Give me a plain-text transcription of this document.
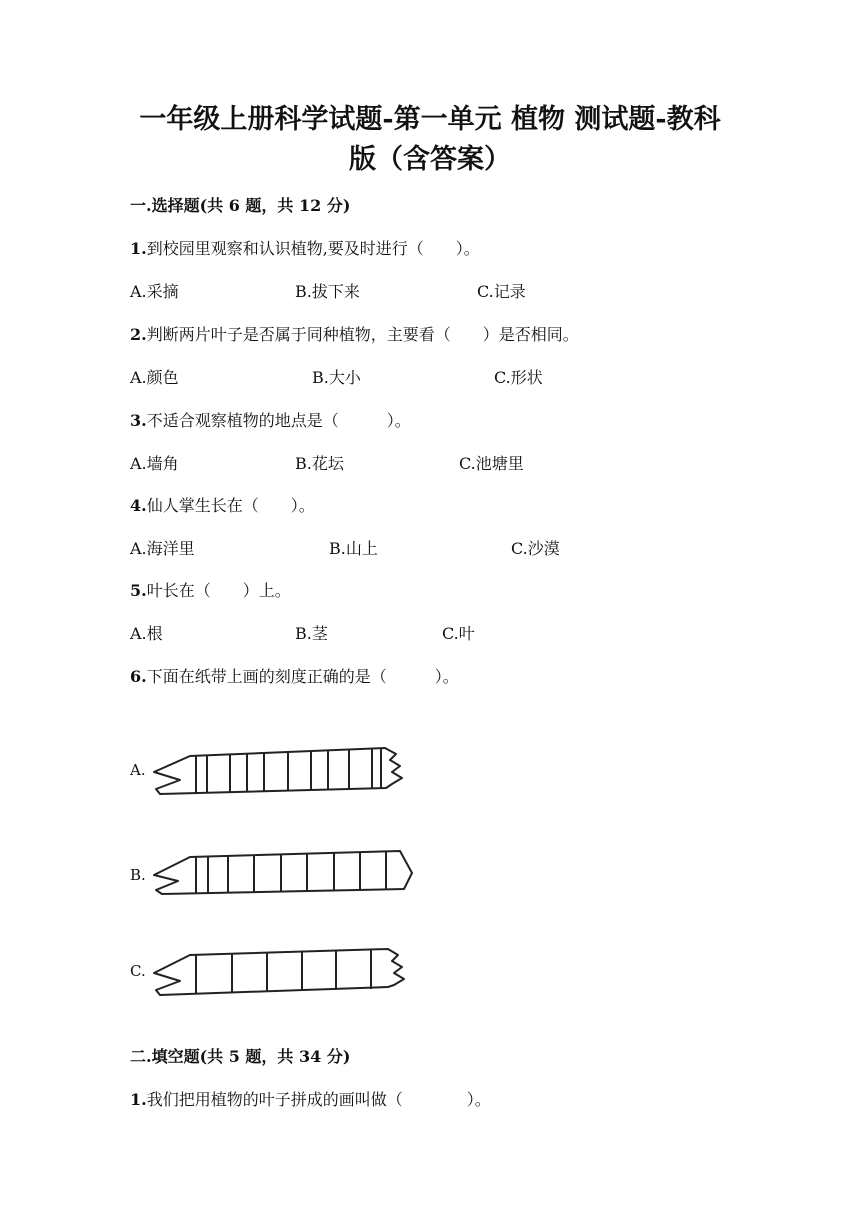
一年级上册科学试题-第一单元 植物 测试题-教科
版（含答案）
一.选择题(共 6 题，共 12 分)
1.到校园里观察和认识植物,要及时进行（　　）。
A.采摘	B.拔下来	C.记录
2.判断两片叶子是否属于同种植物，主要看（　　）是否相同。
A.颜色	B.大小	C.形状
3.不适合观察植物的地点是（　　　）。
A.墙角	B.花坛	C.池塘里
4.仙人掌生长在（　　）。
A.海洋里	B.山上	C.沙漠
5.叶长在（　　）上。
A.根	B.茎	C.叶
6.下面在纸带上画的刻度正确的是（　　　）。
A.
B.
C.
二.填空题(共 5 题，共 34 分)
1.我们把用植物的叶子拼成的画叫做（　　　　）。
